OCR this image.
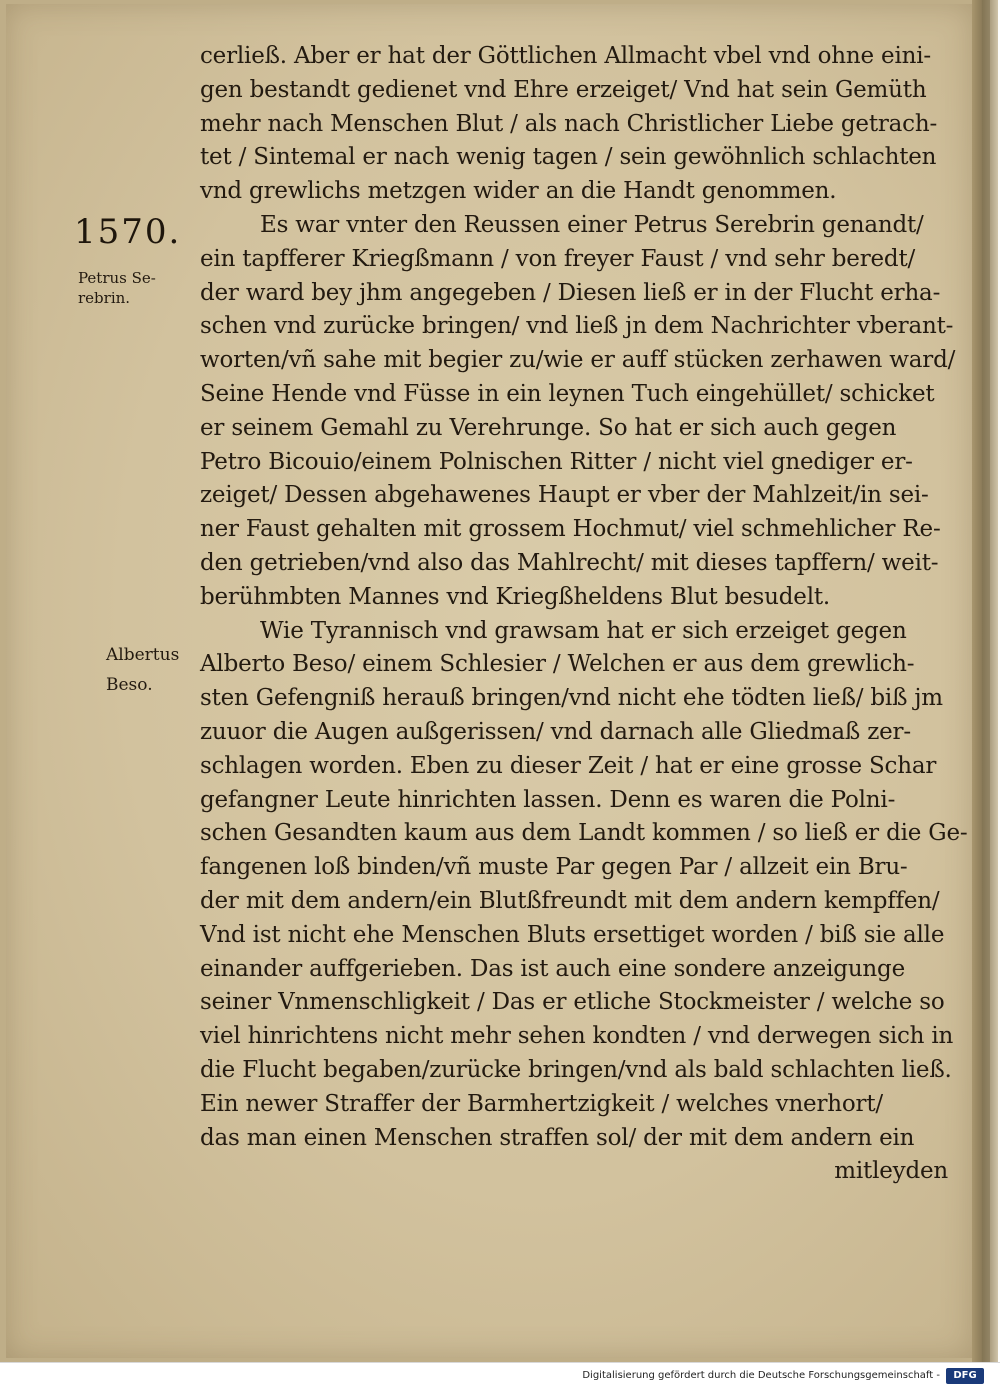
1570.
Petrus Se-
rebrin.
Albertus
Beso.
cerließ. Aber er hat der Göttlichen Allmacht vbel vnd ohne eini-
gen bestandt gedienet vnd Ehre erzeiget/ Vnd hat sein Gemüth
mehr nach Menschen Blut / als nach Christlicher Liebe getrach-
tet / Sintemal er nach wenig tagen / sein gewöhnlich schlachten
vnd grewlichs metzgen wider an die Handt genommen.
Es war vnter den Reussen einer Petrus Serebrin genandt/
ein tapfferer Kriegßmann / von freyer Faust / vnd sehr beredt/
der ward bey jhm angegeben / Diesen ließ er in der Flucht erha-
schen vnd zurücke bringen/ vnd ließ jn dem Nachrichter vberant-
worten/vñ sahe mit begier zu/wie er auff stücken zerhawen ward/
Seine Hende vnd Füsse in ein leynen Tuch eingehüllet/ schicket
er seinem Gemahl zu Verehrunge. So hat er sich auch gegen
Petro Bicouio/einem Polnischen Ritter / nicht viel gnediger er-
zeiget/ Dessen abgehawenes Haupt er vber der Mahlzeit/in sei-
ner Faust gehalten mit grossem Hochmut/ viel schmehlicher Re-
den getrieben/vnd also das Mahlrecht/ mit dieses tapffern/ weit-
berühmbten Mannes vnd Kriegßheldens Blut besudelt.
Wie Tyrannisch vnd grawsam hat er sich erzeiget gegen
Alberto Beso/ einem Schlesier / Welchen er aus dem grewlich-
sten Gefengniß herauß bringen/vnd nicht ehe tödten ließ/ biß jm
zuuor die Augen außgerissen/ vnd darnach alle Gliedmaß zer-
schlagen worden. Eben zu dieser Zeit / hat er eine grosse Schar
gefangner Leute hinrichten lassen. Denn es waren die Polni-
schen Gesandten kaum aus dem Landt kommen / so ließ er die Ge-
fangenen loß binden/vñ muste Par gegen Par / allzeit ein Bru-
der mit dem andern/ein Blutßfreundt mit dem andern kempffen/
Vnd ist nicht ehe Menschen Bluts ersettiget worden / biß sie alle
einander auffgerieben. Das ist auch eine sondere anzeigunge
seiner Vnmenschligkeit / Das er etliche Stockmeister / welche so
viel hinrichtens nicht mehr sehen kondten / vnd derwegen sich in
die Flucht begaben/zurücke bringen/vnd als bald schlachten ließ.
Ein newer Straffer der Barmhertzigkeit / welches vnerhort/
das man einen Menschen straffen sol/ der mit dem andern ein
mitleyden
Digitalisierung gefördert durch die Deutsche Forschungsgemeinschaft -	DFG
